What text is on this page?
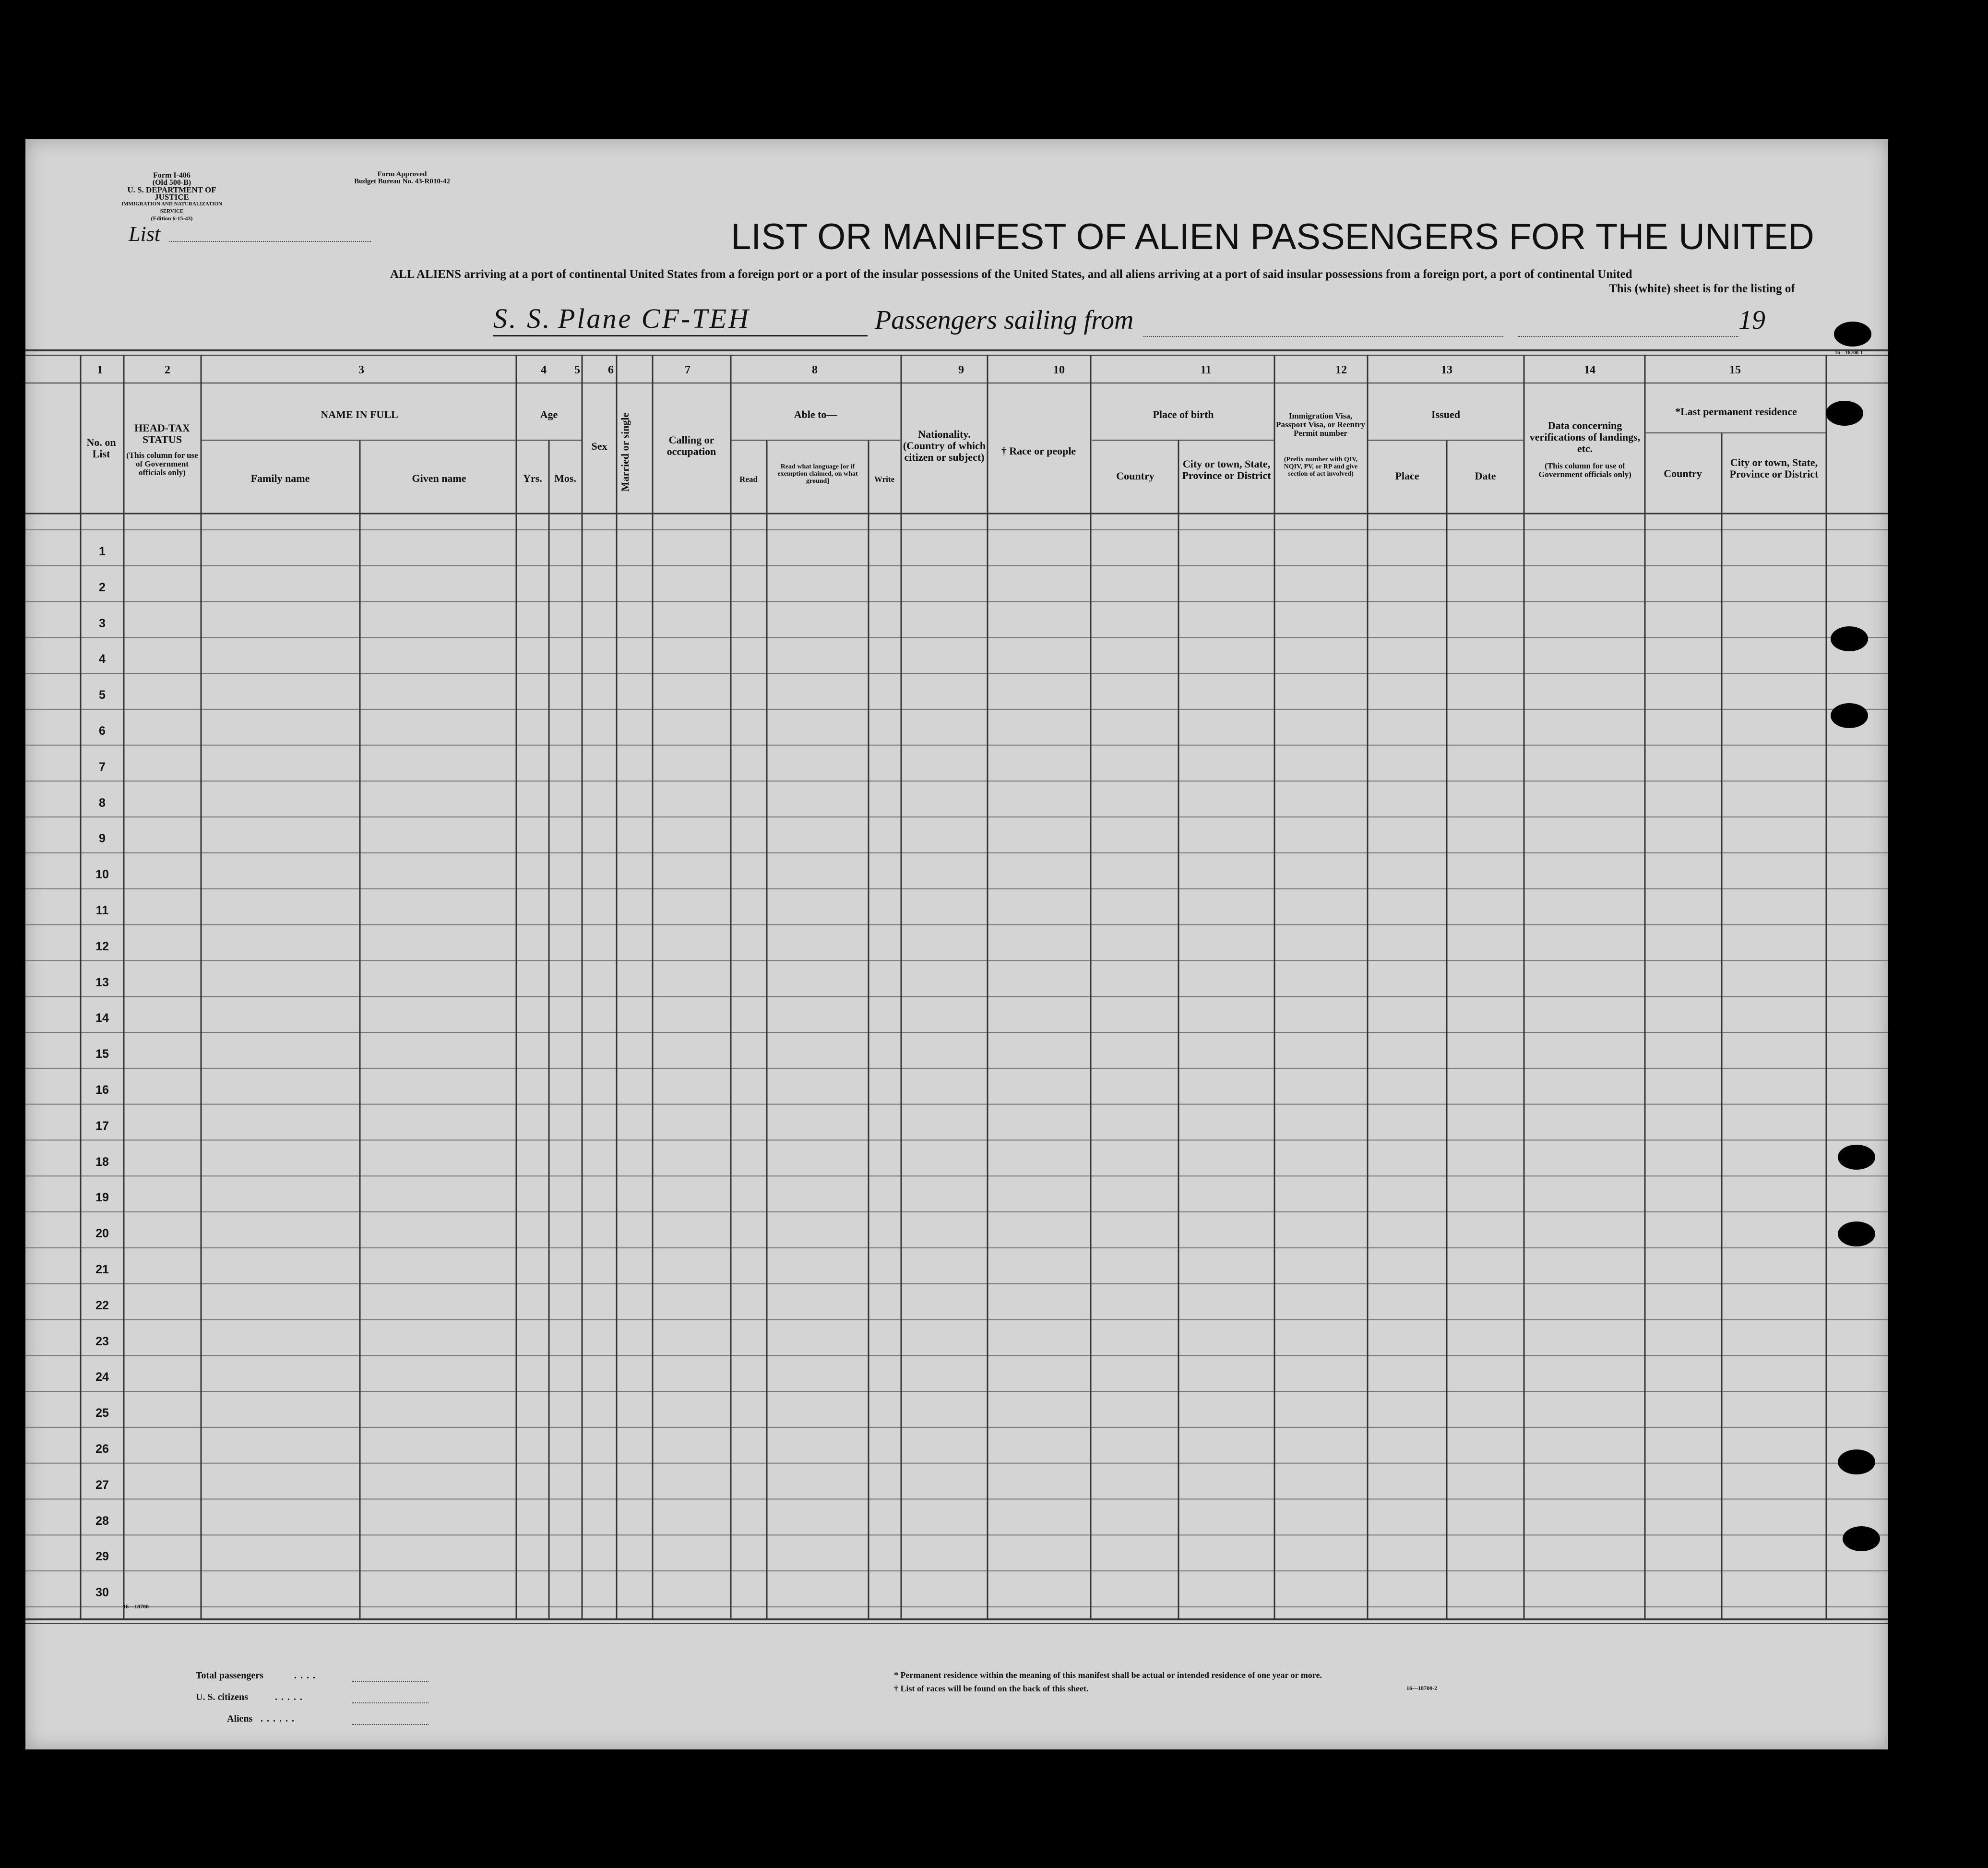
Form I-406
(Old 500-B)
U. S. DEPARTMENT OF JUSTICE
IMMIGRATION AND NATURALIZATION SERVICE
(Edition 6-15-43)
Form Approved
Budget Bureau No. 43-R010-42
List	LIST OR MANIFEST OF ALIEN PASSENGERS FOR THE UNITED
ALL ALIENS arriving at a port of continental United States from a foreign port or a port of the insular possessions of the United States, and all aliens arriving at a port of said insular possessions from a foreign port, a port of continental United
This (white) sheet is for the listing of
S. S. Plane CF-TEH	Passengers sailing from	19
16—18700-1
1	2	3	4	5	6	7	8	9	10	11	12	13	14	15
No. on List
HEAD-TAX STATUS
(This column for use of Government officials only)
NAME IN FULL
Family name	Given name
Age
Yrs.	Mos.
Sex	Married or single	Calling or occupation
Able to—
Read
Read what language [or if exemption claimed, on what ground]	Write
Nationality. (Country of which citizen or subject)
† Race or people
Place of birth
Country
City or town, State, Province or District
Immigration Visa, Passport Visa, or Reentry Permit number
(Prefix number with QIV, NQIV, PV, or RP and give section of act involved)
Issued
Place	Date
Data concerning verifications of landings, etc.
(This column for use of Government officials only)
*Last permanent residence
Country
City or town, State, Province or District
1
2
3
4
5
6
7
8
9
10
11
12
13
14
15
16
17
18
19
20
21
22
23
24
25
26
27
28
29
30
16—18700
Total passengers	....
U. S. citizens	.....
Aliens ......
* Permanent residence within the meaning of this manifest shall be actual or intended residence of one year or more.
† List of races will be found on the back of this sheet.	16—18700-2
